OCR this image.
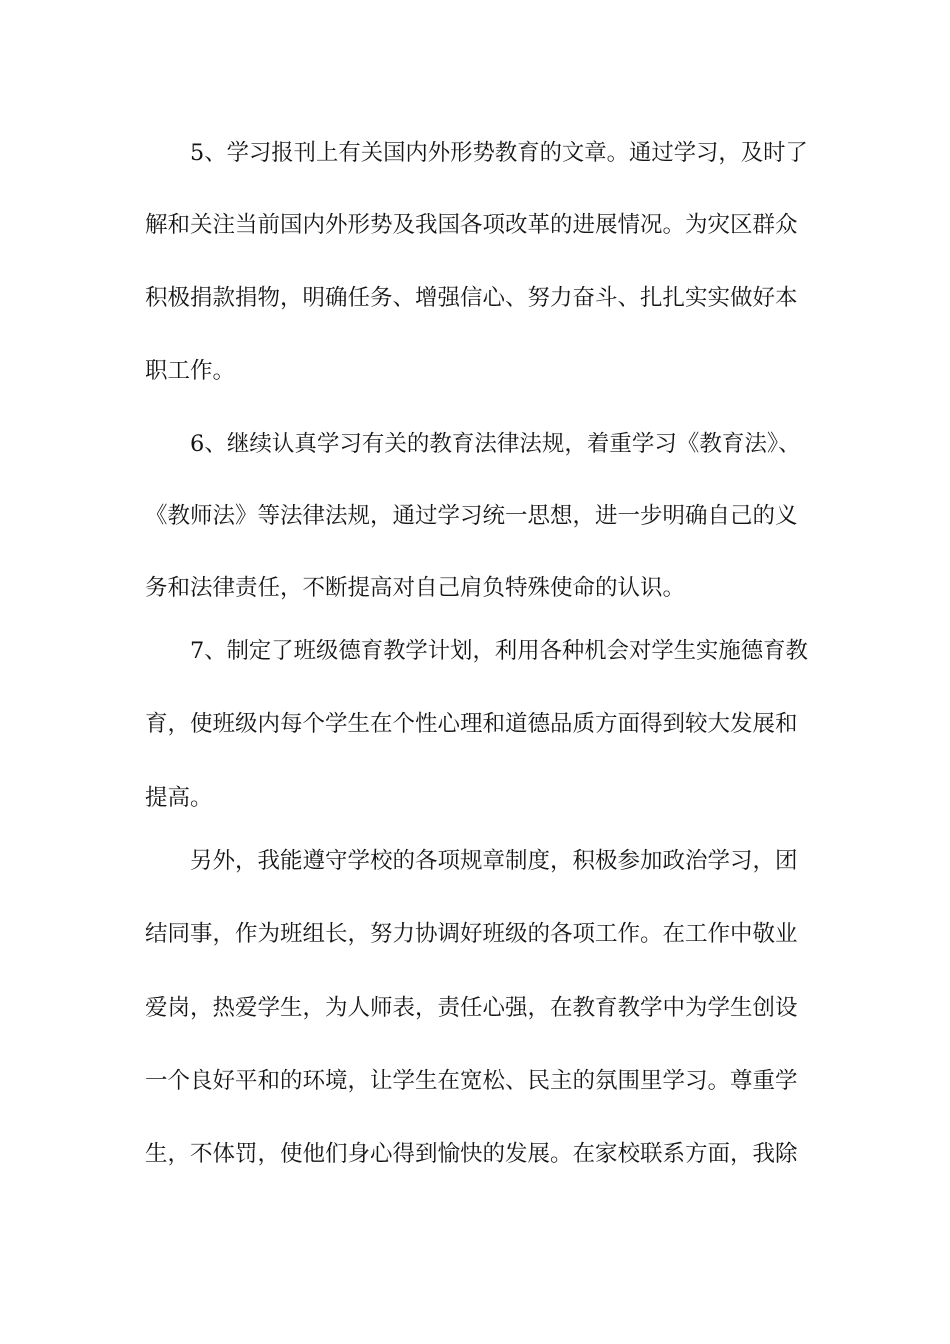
5、学习报刊上有关国内外形势教育的文章。通过学习，及时了

解和关注当前国内外形势及我国各项改革的进展情况。为灾区群众

积极捐款捐物，明确任务、增强信心、努力奋斗、扎扎实实做好本

职工作。

6、继续认真学习有关的教育法律法规，着重学习《教育法》、

《教师法》等法律法规，通过学习统一思想，进一步明确自己的义

务和法律责任，不断提高对自己肩负特殊使命的认识。

7、制定了班级德育教学计划，利用各种机会对学生实施德育教

育，使班级内每个学生在个性心理和道德品质方面得到较大发展和

提高。

另外，我能遵守学校的各项规章制度，积极参加政治学习，团

结同事，作为班组长，努力协调好班级的各项工作。在工作中敬业

爱岗，热爱学生，为人师表，责任心强，在教育教学中为学生创设

一个良好平和的环境，让学生在宽松、民主的氛围里学习。尊重学

生，不体罚，使他们身心得到愉快的发展。在家校联系方面，我除
